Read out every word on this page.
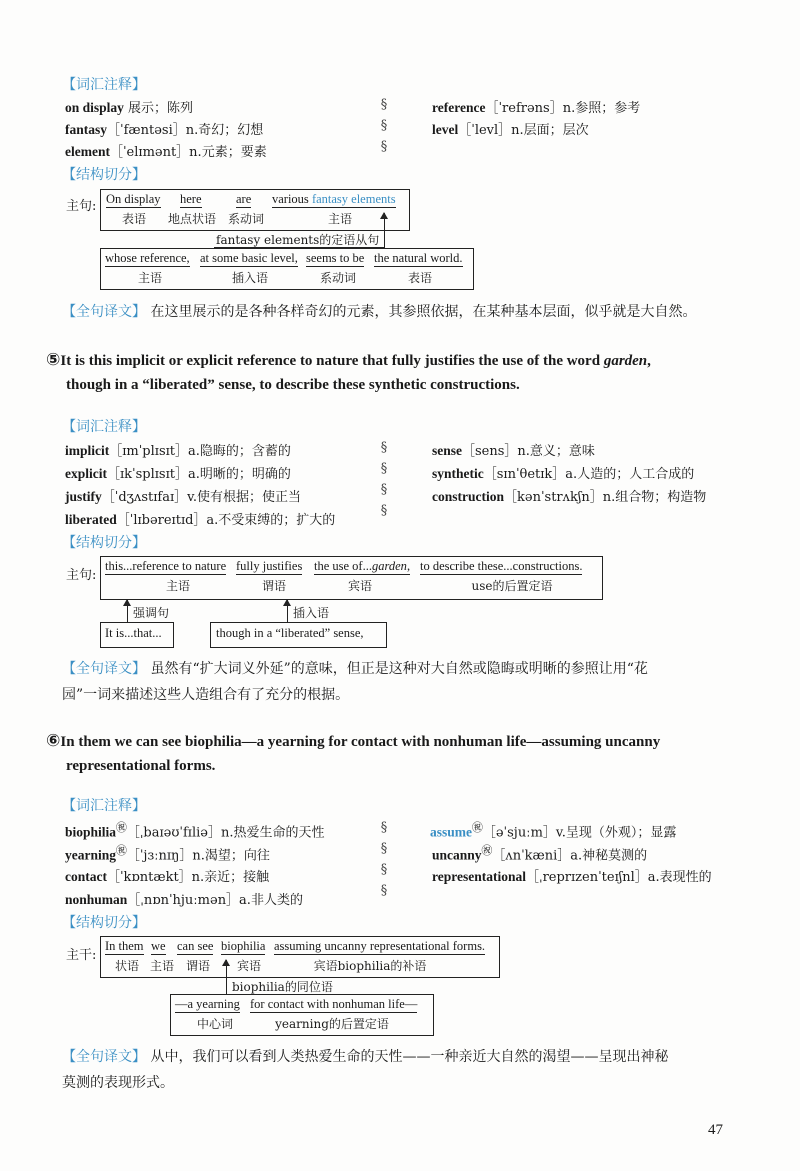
【词汇注释】
on display 展示；陈列
fantasy［ˈfæntəsi］n.奇幻；幻想
element［ˈelɪmənt］n.元素；要素
§
§
§
reference［ˈrefrəns］n.参照；参考
level［ˈlevl］n.层面；层次
【结构切分】
主句: On display
表语
here
地点状语
are
系动词
various fantasy elements
主语
fantasy elements的定语从句
whose reference,
主语
at some basic level,
插入语
seems to be
系动词
the natural world.
表语
【全句译文】 在这里展示的是各种各样奇幻的元素，其参照依据，在某种基本层面，似乎就是大自然。
⑤It is this implicit or explicit reference to nature that fully justifies the use of the word garden,
though in a “liberated” sense, to describe these synthetic constructions.
【词汇注释】
implicit［ɪmˈplɪsɪt］a.隐晦的；含蓄的
explicit［ɪkˈsplɪsɪt］a.明晰的；明确的
justify［ˈdʒʌstɪfaɪ］v.使有根据；使正当
liberated［ˈlɪbəreɪtɪd］a.不受束缚的；扩大的
§
§
§
§
sense［sens］n.意义；意味
synthetic［sɪnˈθetɪk］a.人造的；人工合成的
construction［kənˈstrʌkʃn］n.组合物；构造物
【结构切分】
主句:
this...reference to nature
主语
fully justifies
谓语
the use of...garden,
宾语
to describe these...constructions.
use的后置定语
强调句	插入语
It is...that...	though in a “liberated” sense,
【全句译文】 虽然有“扩大词义外延”的意味，但正是这种对大自然或隐晦或明晰的参照让用“花
园”一词来描述这些人造组合有了充分的根据。
⑥In them we can see biophilia—a yearning for contact with nonhuman life—assuming uncanny
representational forms.
【词汇注释】
biophilia㊗［ˌbaɪəʊˈfɪliə］n.热爱生命的天性
yearning㊗［ˈjɜːnɪŋ］n.渴望；向往
contact［ˈkɒntækt］n.亲近；接触
nonhuman［ˌnɒnˈhjuːmən］a.非人类的
§
§
§
§
assume㊗［əˈsjuːm］v.呈现（外观）；显露
uncanny㊗［ʌnˈkæni］a.神秘莫测的
representational［ˌreprɪzenˈteɪʃnl］a.表现性的
【结构切分】
主干:
In them
状语
we
主语
can see
谓语
biophilia
宾语
assuming uncanny representational forms.
宾语biophilia的补语
biophilia的同位语
—a yearning
中心词
for contact with nonhuman life—
yearning的后置定语
【全句译文】 从中，我们可以看到人类热爱生命的天性——一种亲近大自然的渴望——呈现出神秘
莫测的表现形式。
47
